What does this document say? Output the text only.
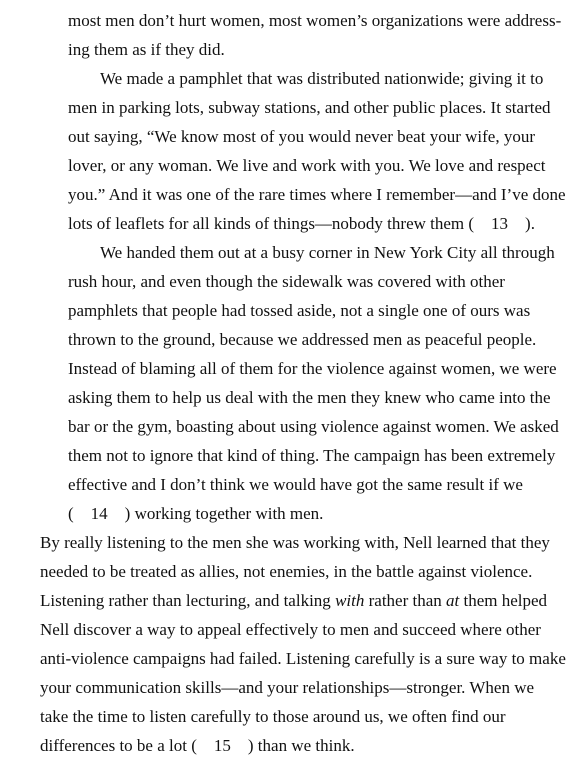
most men don’t hurt women, most women’s organizations were address-
ing them as if they did.
We made a pamphlet that was distributed nationwide; giving it to
men in parking lots, subway stations, and other public places. It started
out saying, “We know most of you would never beat your wife, your
lover, or any woman. We live and work with you. We love and respect
you.” And it was one of the rare times where I remember—and I’ve done
lots of leaflets for all kinds of things—nobody threw them (    13    ).
We handed them out at a busy corner in New York City all through
rush hour, and even though the sidewalk was covered with other
pamphlets that people had tossed aside, not a single one of ours was
thrown to the ground, because we addressed men as peaceful people.
Instead of blaming all of them for the violence against women, we were
asking them to help us deal with the men they knew who came into the
bar or the gym, boasting about using violence against women. We asked
them not to ignore that kind of thing. The campaign has been extremely
effective and I don’t think we would have got the same result if we
(    14    ) working together with men.
By really listening to the men she was working with, Nell learned that they
needed to be treated as allies, not enemies, in the battle against violence.
Listening rather than lecturing, and talking with rather than at them helped
Nell discover a way to appeal effectively to men and succeed where other
anti-violence campaigns had failed. Listening carefully is a sure way to make
your communication skills—and your relationships—stronger. When we
take the time to listen carefully to those around us, we often find our
differences to be a lot (    15    ) than we think.
